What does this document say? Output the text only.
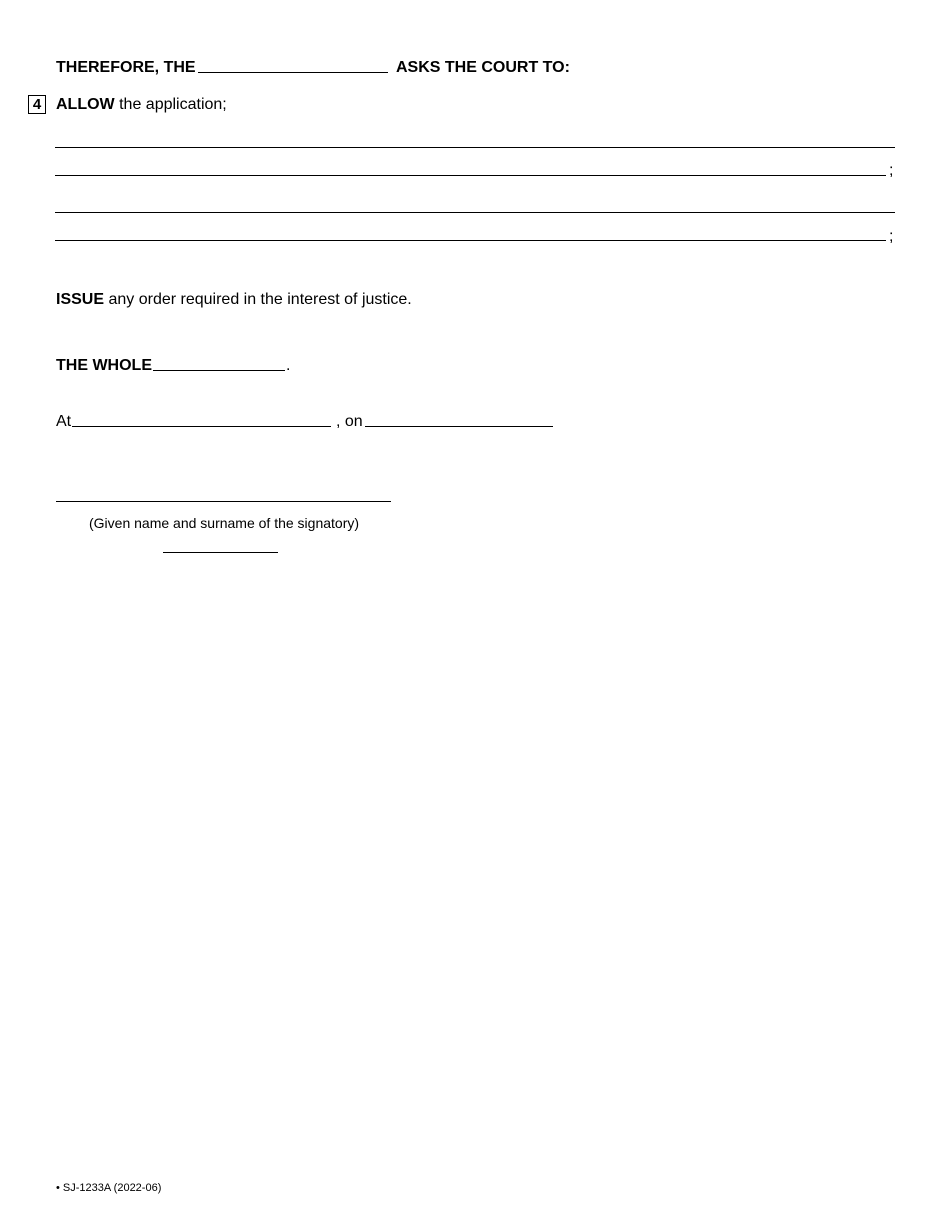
THEREFORE, THE	ASKS THE COURT TO:
4 ALLOW the application;
;
;
ISSUE any order required in the interest of justice.
THE WHOLE	.
At	, on
(Given name and surname of the signatory)
• SJ-1233A (2022-06)
